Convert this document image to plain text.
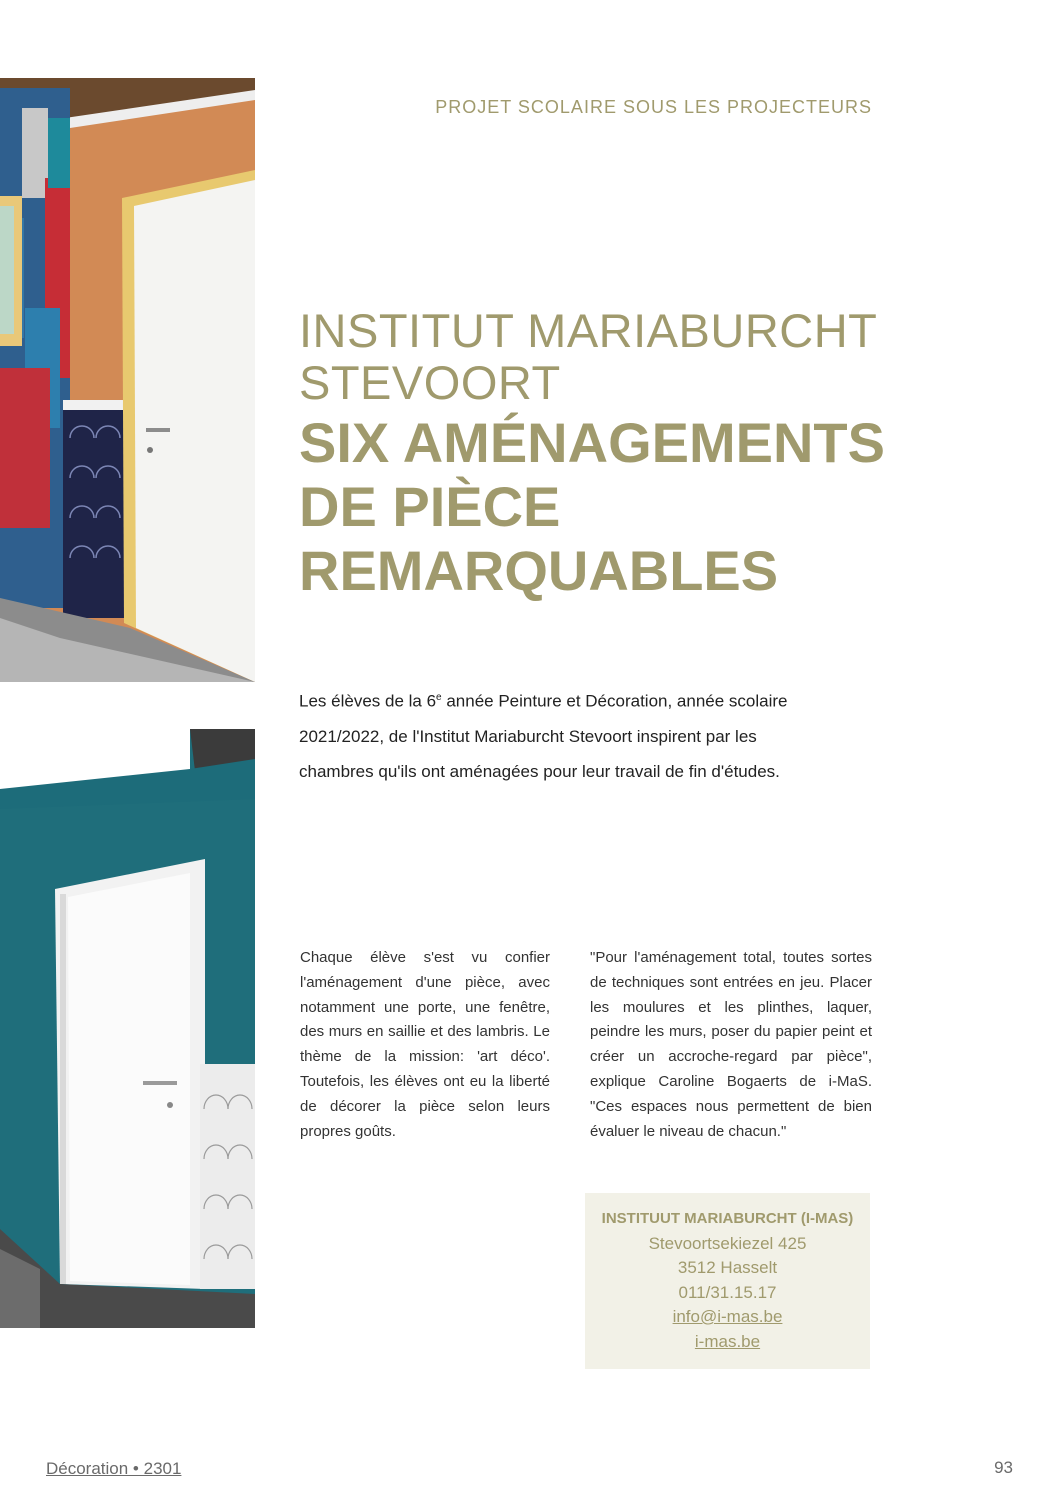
PROJET SCOLAIRE SOUS LES PROJECTEURS
INSTITUT MARIABURCHT
STEVOORT
SIX AMÉNAGEMENTS
DE PIÈCE
REMARQUABLES
Les élèves de la 6e année Peinture et Décoration, année scolaire
2021/2022, de l'Institut Mariaburcht Stevoort inspirent par les
chambres qu'ils ont aménagées pour leur travail de fin d'études.
Chaque élève s'est vu confier l'aménagement d'une pièce, avec notamment une porte, une fenêtre, des murs en saillie et des lambris. Le thème de la mission: 'art déco'. Toutefois, les élèves ont eu la liberté de décorer la pièce selon leurs propres goûts.
"Pour l'aménagement total, toutes sortes de techniques sont entrées en jeu. Placer les moulures et les plinthes, laquer, peindre les murs, poser du papier peint et créer un accroche-regard par pièce", explique Caroline Bogaerts de i-MaS. "Ces espaces nous permettent de bien évaluer le niveau de chacun."
INSTITUUT MARIABURCHT (I-MAS)
Stevoortsekiezel 425
3512 Hasselt
011/31.15.17
info@i-mas.be
i-mas.be
Décoration • 2301	93
